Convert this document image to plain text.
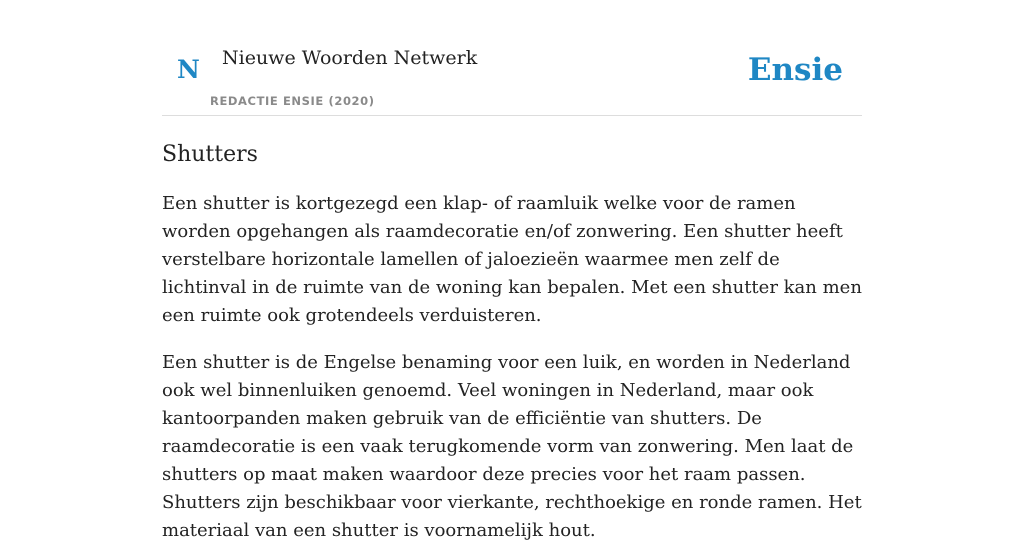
N Nieuwe Woorden Netwerk
REDACTIE ENSIE (2020)
Ensie
Shutters

Een shutter is kortgezegd een klap- of raamluik welke voor de ramen worden opgehangen als raamdecoratie en/of zonwering. Een shutter heeft verstelbare horizontale lamellen of jaloezieën waarmee men zelf de lichtinval in de ruimte van de woning kan bepalen. Met een shutter kan men een ruimte ook grotendeels verduisteren.

Een shutter is de Engelse benaming voor een luik, en worden in Nederland ook wel binnenluiken genoemd. Veel woningen in Nederland, maar ook kantoorpanden maken gebruik van de efficiëntie van shutters. De raamdecoratie is een vaak terugkomende vorm van zonwering. Men laat de shutters op maat maken waardoor deze precies voor het raam passen. Shutters zijn beschikbaar voor vierkante, rechthoekige en ronde ramen. Het materiaal van een shutter is voornamelijk hout.
